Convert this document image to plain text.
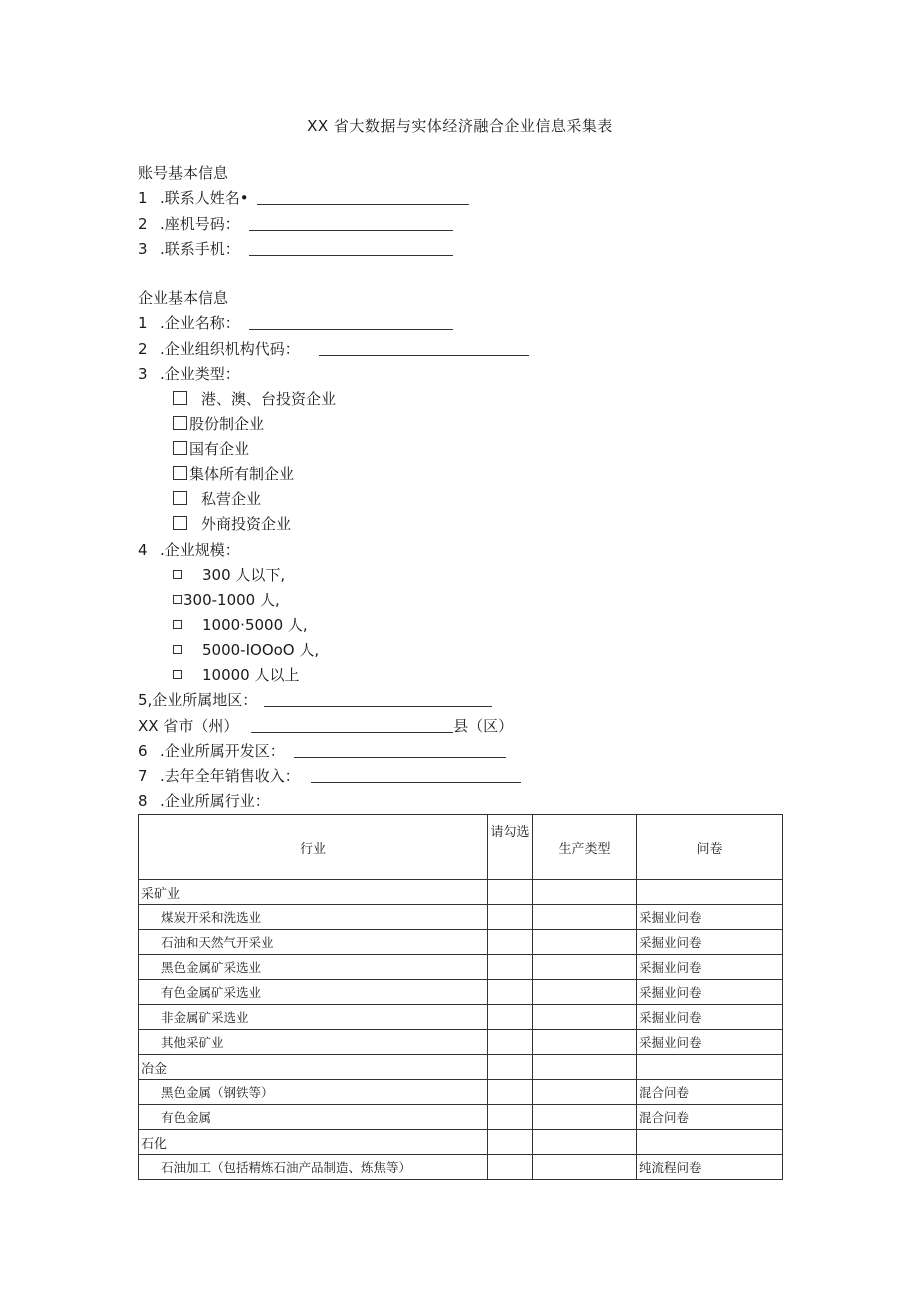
XX 省大数据与实体经济融合企业信息采集表
账号基本信息
1 .联系人姓名•
2 .座机号码：
3 .联系手机：
企业基本信息
1 .企业名称：
2 .企业组织机构代码：
3 .企业类型：
港、澳、台投资企业
股份制企业
国有企业
集体所有制企业
私营企业
外商投资企业
4 .企业规模：
300 人以下,
300-1000 人,
1000·5000 人,
5000-IOOoO 人,
10000 人以上
5,企业所属地区：
XX 省市（州）	县（区）
6 .企业所属开发区：
7 .去年全年销售收入：
8 .企业所属行业：
行业	请勾选	生产类型	问卷
采矿业			
煤炭开采和洗选业			采掘业问卷
石油和天然气开采业			采掘业问卷
黑色金属矿采选业			采掘业问卷
有色金属矿采选业			采掘业问卷
非金属矿采选业			采掘业问卷
其他采矿业			采掘业问卷
冶金			
黑色金属（钢铁等）			混合问卷
有色金属			混合问卷
石化			
石油加工（包括精炼石油产品制造、炼焦等）			纯流程问卷
